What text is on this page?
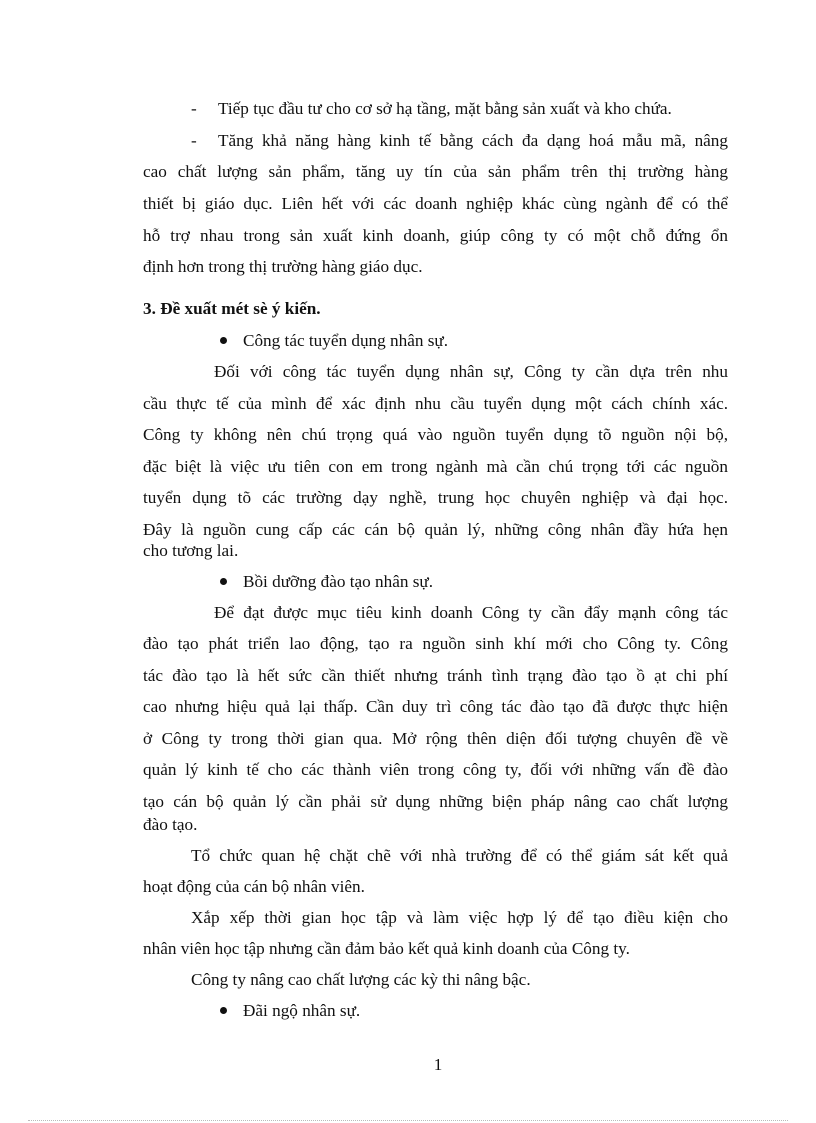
-	Tiếp tục đầu tư cho cơ sở hạ tầng, mặt bằng sản xuất và kho chứa.
-	Tăng khả năng hàng kinh tế bằng cách đa dạng hoá mẫu mã, nâng
cao chất lượng sản phẩm, tăng uy tín của sản phẩm trên thị trường hàng
thiết bị giáo dục. Liên hết với các doanh nghiệp khác cùng ngành để có thể
hỗ trợ nhau trong sản xuất kinh doanh, giúp công ty có một chỗ đứng ổn
định hơn trong thị trường hàng giáo dục.
3. Đề xuất mét sè ý kiến.
Công tác tuyển dụng nhân sự.
Đối với công tác tuyển dụng nhân sự, Công ty cần dựa trên nhu
cầu thực tế của mình để xác định nhu cầu tuyển dụng một cách chính xác.
Công ty không nên chú trọng quá vào nguồn tuyển dụng tõ nguồn nội bộ,
đặc biệt là việc ưu tiên con em trong ngành mà cần chú trọng tới các nguồn
tuyển dụng tõ các trường dạy nghề, trung học chuyên nghiệp và đại học.
Đây là nguồn cung cấp các cán bộ quản lý, những công nhân đầy hứa hẹn
cho tương lai.
Bồi dưỡng đào tạo nhân sự.
Để đạt được mục tiêu kinh doanh Công ty cần đẩy mạnh công tác
đào tạo phát triển lao động, tạo ra nguồn sinh khí mới cho Công ty. Công
tác đào tạo là hết sức cần thiết nhưng tránh tình trạng đào tạo ồ ạt chi phí
cao nhưng hiệu quả lại thấp. Cần duy trì công tác đào tạo đã được thực hiện
ở Công ty trong thời gian qua. Mở rộng thên diện đối tượng chuyên đề về
quản lý kinh tế cho các thành viên trong công ty, đối với những vấn đề đào
tạo cán bộ quản lý cần phải sử dụng những biện pháp nâng cao chất lượng
đào tạo.
Tổ chức quan hệ chặt chẽ với nhà trường để có thể giám sát kết quả
hoạt động của cán bộ nhân viên.
Xắp xếp thời gian học tập và làm việc hợp lý để tạo điều kiện cho
nhân viên học tập nhưng cần đảm bảo kết quả kinh doanh của Công ty.
Công ty nâng cao chất lượng các kỳ thi nâng bậc.
Đãi ngộ nhân sự.
1
